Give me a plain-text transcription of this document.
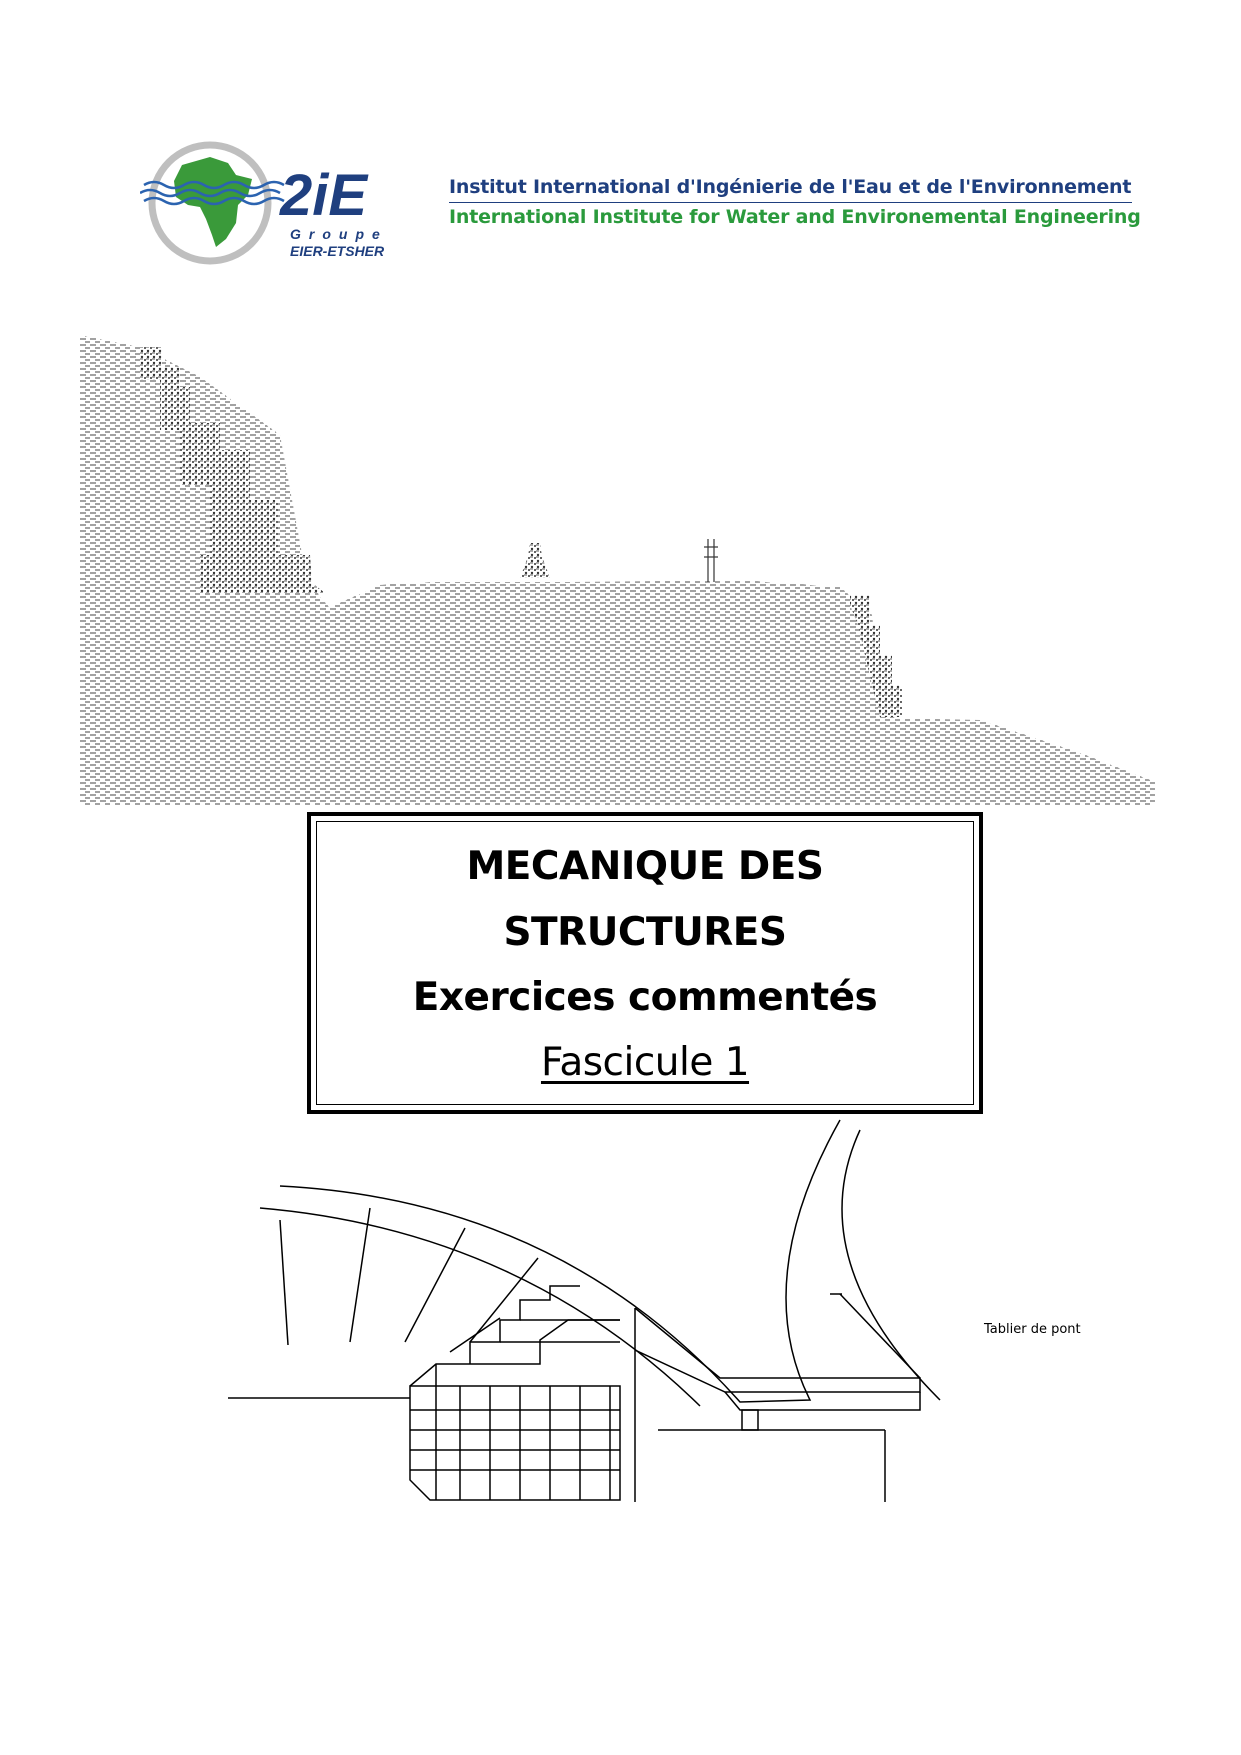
2iE
Groupe
EIER-ETSHER
Institut International d'Ingénierie de l'Eau et de l'Environnement
International Institute for Water and Environemental Engineering
MECANIQUE DES
STRUCTURES
Exercices commentés
Fascicule 1
Tablier de pont
